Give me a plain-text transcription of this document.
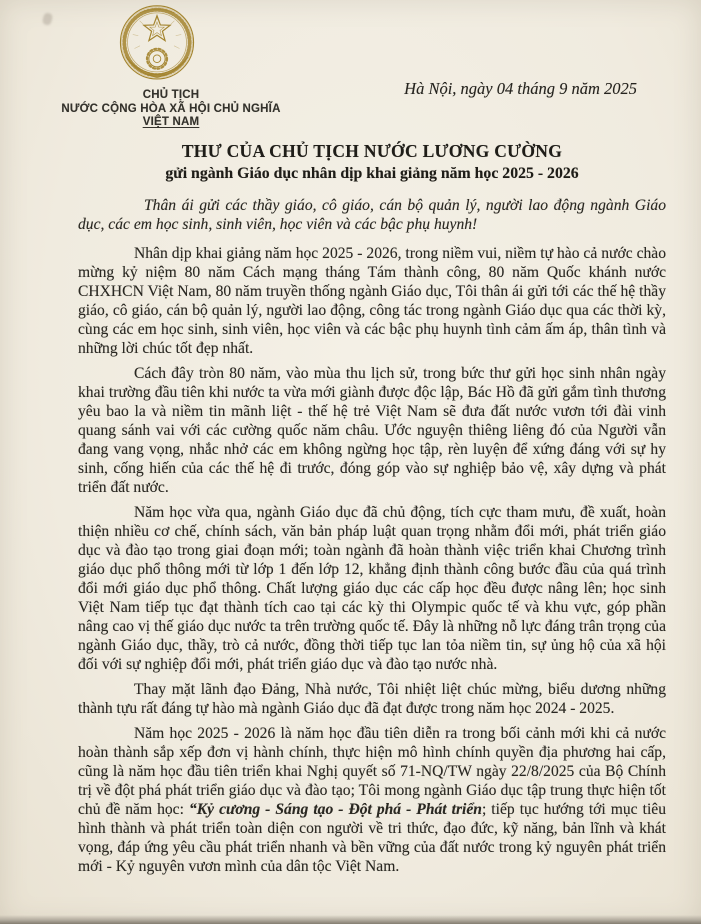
CHỦ TỊCH
NƯỚC CỘNG HÒA XÃ HỘI CHỦ NGHĨA
VIỆT NAM
Hà Nội, ngày 04 tháng 9 năm 2025
THƯ CỦA CHỦ TỊCH NƯỚC LƯƠNG CƯỜNG
gửi ngành Giáo dục nhân dịp khai giảng năm học 2025 - 2026

Thân ái gửi các thầy giáo, cô giáo, cán bộ quản lý, người lao động ngành Giáo dục, các em học sinh, sinh viên, học viên và các bậc phụ huynh!

Nhân dịp khai giảng năm học 2025 - 2026, trong niềm vui, niềm tự hào cả nước chào mừng kỷ niệm 80 năm Cách mạng tháng Tám thành công, 80 năm Quốc khánh nước CHXHCN Việt Nam, 80 năm truyền thống ngành Giáo dục, Tôi thân ái gửi tới các thế hệ thầy giáo, cô giáo, cán bộ quản lý, người lao động, công tác trong ngành Giáo dục qua các thời kỳ, cùng các em học sinh, sinh viên, học viên và các bậc phụ huynh tình cảm ấm áp, thân tình và những lời chúc tốt đẹp nhất.

Cách đây tròn 80 năm, vào mùa thu lịch sử, trong bức thư gửi học sinh nhân ngày khai trường đầu tiên khi nước ta vừa mới giành được độc lập, Bác Hồ đã gửi gắm tình thương yêu bao la và niềm tin mãnh liệt - thế hệ trẻ Việt Nam sẽ đưa đất nước vươn tới đài vinh quang sánh vai với các cường quốc năm châu. Ước nguyện thiêng liêng đó của Người vẫn đang vang vọng, nhắc nhở các em không ngừng học tập, rèn luyện để xứng đáng với sự hy sinh, cống hiến của các thế hệ đi trước, đóng góp vào sự nghiệp bảo vệ, xây dựng và phát triển đất nước.

Năm học vừa qua, ngành Giáo dục đã chủ động, tích cực tham mưu, đề xuất, hoàn thiện nhiều cơ chế, chính sách, văn bản pháp luật quan trọng nhằm đổi mới, phát triển giáo dục và đào tạo trong giai đoạn mới; toàn ngành đã hoàn thành việc triển khai Chương trình giáo dục phổ thông mới từ lớp 1 đến lớp 12, khẳng định thành công bước đầu của quá trình đổi mới giáo dục phổ thông. Chất lượng giáo dục các cấp học đều được nâng lên; học sinh Việt Nam tiếp tục đạt thành tích cao tại các kỳ thi Olympic quốc tế và khu vực, góp phần nâng cao vị thế giáo dục nước ta trên trường quốc tế. Đây là những nỗ lực đáng trân trọng của ngành Giáo dục, thầy, trò cả nước, đồng thời tiếp tục lan tỏa niềm tin, sự ủng hộ của xã hội đối với sự nghiệp đổi mới, phát triển giáo dục và đào tạo nước nhà.

Thay mặt lãnh đạo Đảng, Nhà nước, Tôi nhiệt liệt chúc mừng, biểu dương những thành tựu rất đáng tự hào mà ngành Giáo dục đã đạt được trong năm học 2024 - 2025.

Năm học 2025 - 2026 là năm học đầu tiên diễn ra trong bối cảnh mới khi cả nước hoàn thành sắp xếp đơn vị hành chính, thực hiện mô hình chính quyền địa phương hai cấp, cũng là năm học đầu tiên triển khai Nghị quyết số 71-NQ/TW ngày 22/8/2025 của Bộ Chính trị về đột phá phát triển giáo dục và đào tạo; Tôi mong ngành Giáo dục tập trung thực hiện tốt chủ đề năm học: “Kỷ cương - Sáng tạo - Đột phá - Phát triển; tiếp tục hướng tới mục tiêu hình thành và phát triển toàn diện con người về tri thức, đạo đức, kỹ năng, bản lĩnh và khát vọng, đáp ứng yêu cầu phát triển nhanh và bền vững của đất nước trong kỷ nguyên phát triển mới - Kỷ nguyên vươn mình của dân tộc Việt Nam.
